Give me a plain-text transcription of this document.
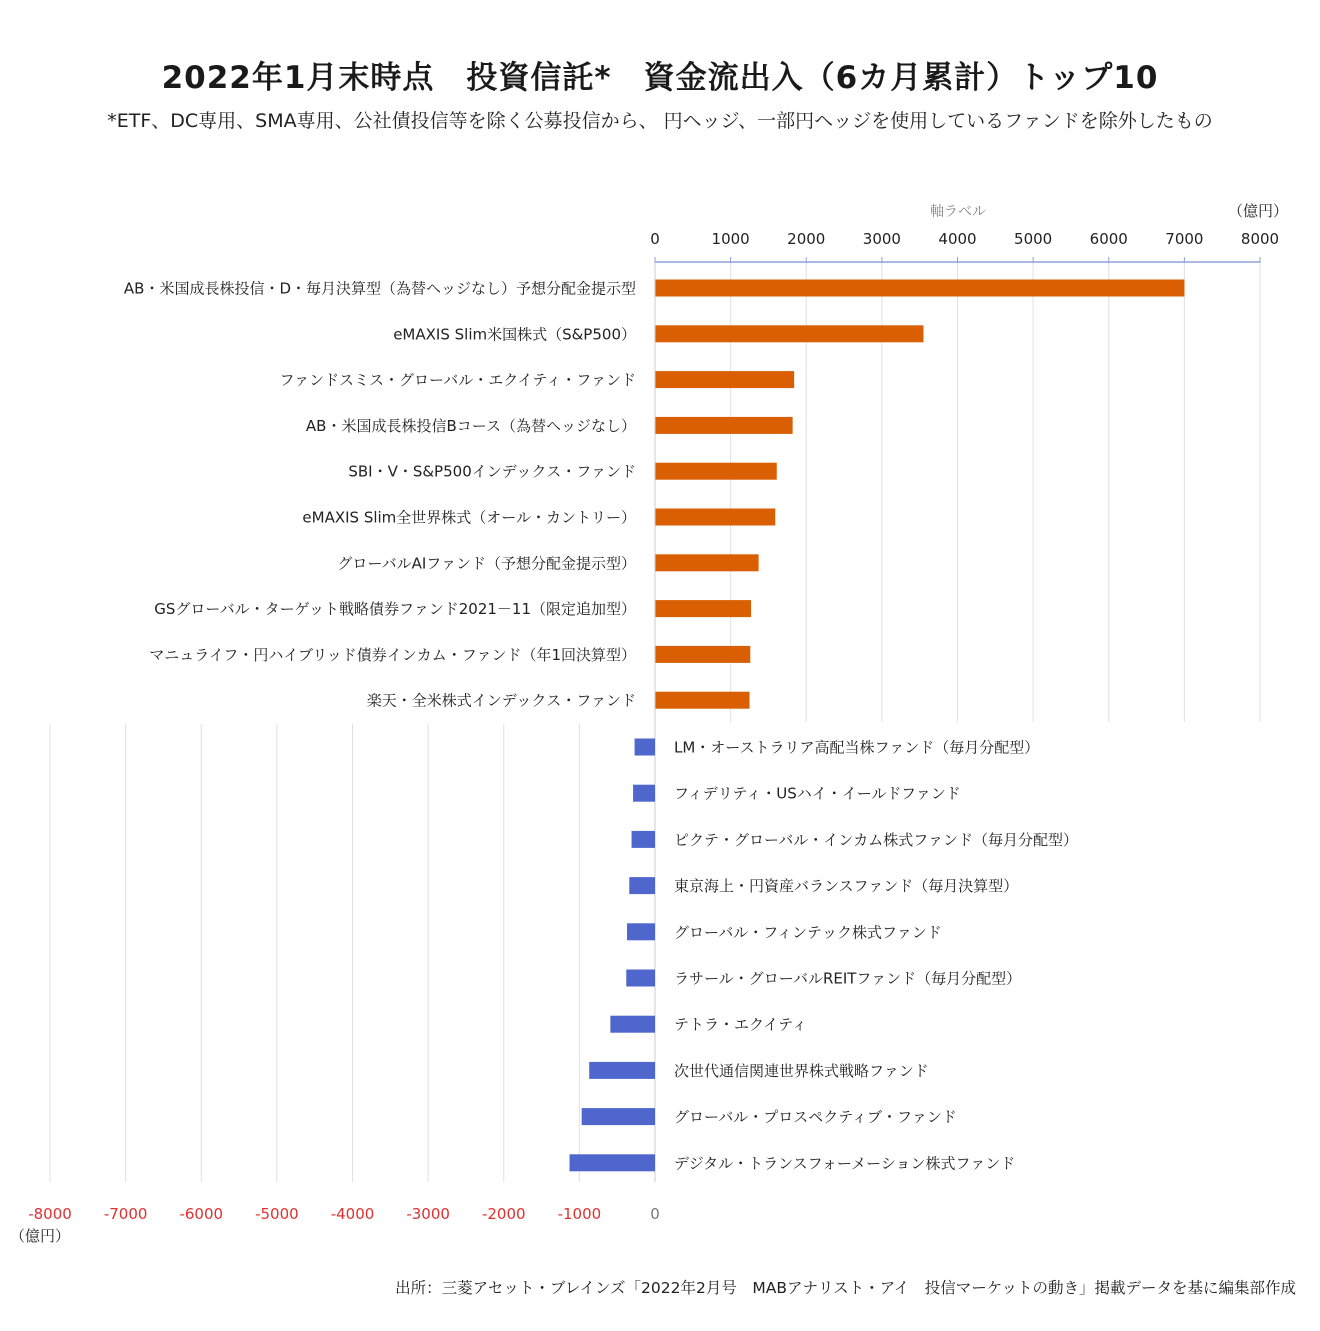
2022年1月末時点　投資信託*　資金流出入（6カ月累計）トップ10
*ETF、DC専用、SMA専用、公社債投信等を除く公募投信から、 円ヘッジ、一部円ヘッジを使用しているファンドを除外したもの
0	1000 2000 3000 4000 5000 6000 7000 8000
軸ラベル	（億円）
AB・米国成長株投信・D・毎月決算型（為替ヘッジなし）予想分配金提示型
eMAXIS Slim米国株式（S&P500）
ファンドスミス・グローバル・エクイティ・ファンド
AB・米国成長株投信Bコース（為替ヘッジなし）
SBI・V・S&P500インデックス・ファンド
eMAXIS Slim全世界株式（オール・カントリー）
グローバルAIファンド（予想分配金提示型）
GSグローバル・ターゲット戦略債券ファンド2021－11（限定追加型）
マニュライフ・円ハイブリッド債券インカム・ファンド（年1回決算型）
楽天・全米株式インデックス・ファンド
-8000 -7000 -6000 -5000 -4000 -3000 -2000 -1000	0
（億円）
LM・オーストラリア高配当株ファンド（毎月分配型）
フィデリティ・USハイ・イールドファンド
ピクテ・グローバル・インカム株式ファンド（毎月分配型）
東京海上・円資産バランスファンド（毎月決算型）
グローバル・フィンテック株式ファンド
ラサール・グローバルREITファンド（毎月分配型）
テトラ・エクイティ
次世代通信関連世界株式戦略ファンド
グローバル・プロスペクティブ・ファンド
デジタル・トランスフォーメーション株式ファンド
出所：三菱アセット・ブレインズ「2022年2月号　MABアナリスト・アイ　投信マーケットの動き」掲載データを基に編集部作成
